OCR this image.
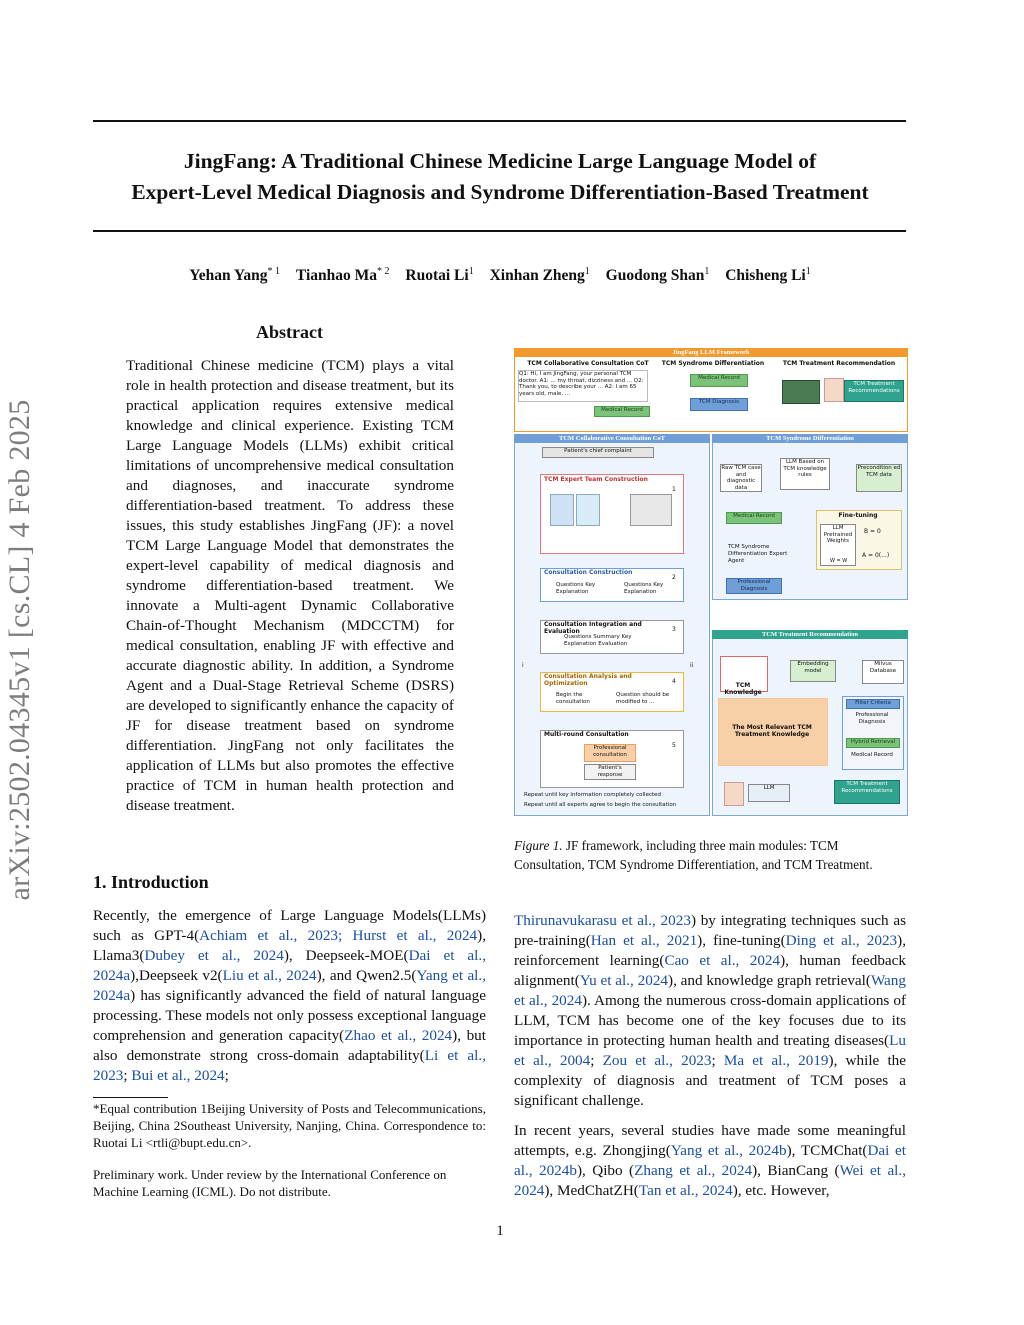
JingFang: A Traditional Chinese Medicine Large Language Model of
Expert-Level Medical Diagnosis and Syndrome Differentiation-Based Treatment
Yehan Yang$^{* 1}$ Tianhao Ma$^{* 2}$ Ruotai Li$^1$ Xinhan Zheng$^1$ Guodong Shan$^1$ Chisheng Li$^1$
arXiv:2502.04345v1 [cs.CL] 4 Feb 2025
Abstract
Traditional Chinese medicine (TCM) plays a vital role in health protection and disease treatment, but its practical application requires extensive medical knowledge and clinical experience. Existing TCM Large Language Models (LLMs) exhibit critical limitations of uncomprehensive medical consultation and diagnoses, and inaccurate syndrome differentiation-based treatment. To address these issues, this study establishes JingFang (JF): a novel TCM Large Language Model that demonstrates the expert-level capability of medical diagnosis and syndrome differentiation-based treatment. We innovate a Multi-agent Dynamic Collaborative Chain-of-Thought Mechanism (MDCCTM) for medical consultation, enabling JF with effective and accurate diagnostic ability. In addition, a Syndrome Agent and a Dual-Stage Retrieval Scheme (DSRS) are developed to significantly enhance the capacity of JF for disease treatment based on syndrome differentiation. JingFang not only facilitates the application of LLMs but also promotes the effective practice of TCM in human health protection and disease treatment.
1. Introduction
Recently, the emergence of Large Language Models(LLMs) such as GPT-4(Achiam et al., 2023; Hurst et al., 2024), Llama3(Dubey et al., 2024), Deepseek-MOE(Dai et al., 2024a),Deepseek v2(Liu et al., 2024), and Qwen2.5(Yang et al., 2024a) has significantly advanced the field of natural language processing. These models not only possess exceptional language comprehension and generation capacity(Zhao et al., 2024), but also demonstrate strong cross-domain adaptability(Li et al., 2023; Bui et al., 2024;
*Equal contribution 1Beijing University of Posts and Telecommunications, Beijing, China 2Southeast University, Nanjing, China. Correspondence to: Ruotai Li <rtli@bupt.edu.cn>.
Preliminary work. Under review by the International Conference on Machine Learning (ICML). Do not distribute.
JingFang LLM Framework
TCM Collaborative Consultation CoT	TCM Syndrome Differentiation	TCM Treatment Recommendation
Q1: Hi, I am JingFang, your personal TCM doctor. A1: ... my throat, dizziness and ... Q2: Thank you, to describe your ... A2: I am 65 years old, male, ...
Medical Record
Medical Record
TCM Diagnosis
TCM Treatment Recommendations
TCM Collaborative Consultation CoT
Patient's chief complaint
TCM Expert Team Construction
Consultation Construction
Questions Key Explanation
Questions Key Explanation
Consultation Integration and Evaluation
Questions Summary Key Explanation Evaluation
Consultation Analysis and Optimization
Begin the consultation
Question should be modified to ...
Multi-round Consultation
Professional consultation
Patient's response
Repeat until key information completely collected
Repeat until all experts agree to begin the consultation
i	ii
1
2
3
4
5
TCM Syndrome Differentiation
Raw TCM case and diagnostic data
LLM Based on TCM knowledge rules
Precondition ed TCM data
Medical Record	Fine-tuning
LLM Pretrained Weights
B = 0
A = 0(...)
W = W
TCM Syndrome Differentiation Expert Agent
Professional Diagnosis
TCM Treatment Recommendation
TCM Knowledge
Embedding model
Milvus Database
Filter Criteria
Professional Diagnosis
Hybrid Retrieval
Medical Record
The Most Relevant TCM Treatment Knowledge
LLM
TCM Treatment Recommendations
Figure 1. JF framework, including three main modules: TCM Consultation, TCM Syndrome Differentiation, and TCM Treatment.
Thirunavukarasu et al., 2023) by integrating techniques such as pre-training(Han et al., 2021), fine-tuning(Ding et al., 2023), reinforcement learning(Cao et al., 2024), human feedback alignment(Yu et al., 2024), and knowledge graph retrieval(Wang et al., 2024). Among the numerous cross-domain applications of LLM, TCM has become one of the key focuses due to its importance in protecting human health and treating diseases(Lu et al., 2004; Zou et al., 2023; Ma et al., 2019), while the complexity of diagnosis and treatment of TCM poses a significant challenge.
In recent years, several studies have made some meaningful attempts, e.g. Zhongjing(Yang et al., 2024b), TCMChat(Dai et al., 2024b), Qibo (Zhang et al., 2024), BianCang (Wei et al., 2024), MedChatZH(Tan et al., 2024), etc. However,
1
